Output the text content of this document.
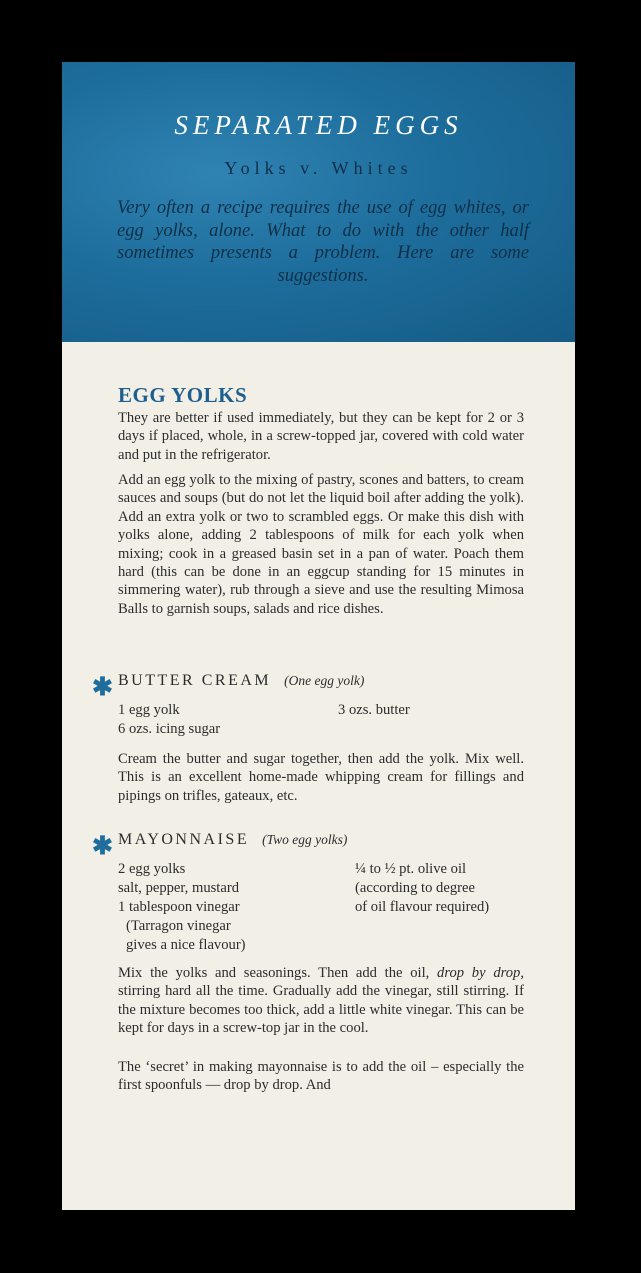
SEPARATED EGGS
Yolks v. Whites
Very often a recipe requires the use of egg whites, or egg yolks, alone. What to do with the other half sometimes presents a problem. Here are some suggestions.
EGG YOLKS
They are better if used immediately, but they can be kept for 2 or 3 days if placed, whole, in a screw-topped jar, covered with cold water and put in the refrigerator.
Add an egg yolk to the mixing of pastry, scones and batters, to cream sauces and soups (but do not let the liquid boil after adding the yolk). Add an extra yolk or two to scrambled eggs. Or make this dish with yolks alone, adding 2 tablespoons of milk for each yolk when mixing; cook in a greased basin set in a pan of water. Poach them hard (this can be done in an eggcup standing for 15 minutes in simmering water), rub through a sieve and use the resulting Mimosa Balls to garnish soups, salads and rice dishes.
✱ BUTTER CREAM (One egg yolk)
1 egg yolk
6 ozs. icing sugar
3 ozs. butter
Cream the butter and sugar together, then add the yolk. Mix well. This is an excellent home-made whipping cream for fillings and pipings on trifles, gateaux, etc.
✱ MAYONNAISE (Two egg yolks)
2 egg yolks
salt, pepper, mustard
1 tablespoon vinegar
(Tarragon vinegar
gives a nice flavour)
¼ to ½ pt. olive oil
(according to degree
of oil flavour required)
Mix the yolks and seasonings. Then add the oil, drop by drop, stirring hard all the time. Gradually add the vinegar, still stirring. If the mixture becomes too thick, add a little white vinegar. This can be kept for days in a screw-top jar in the cool.
The ‘secret’ in making mayonnaise is to add the oil – especially the first spoonfuls — drop by drop. And
